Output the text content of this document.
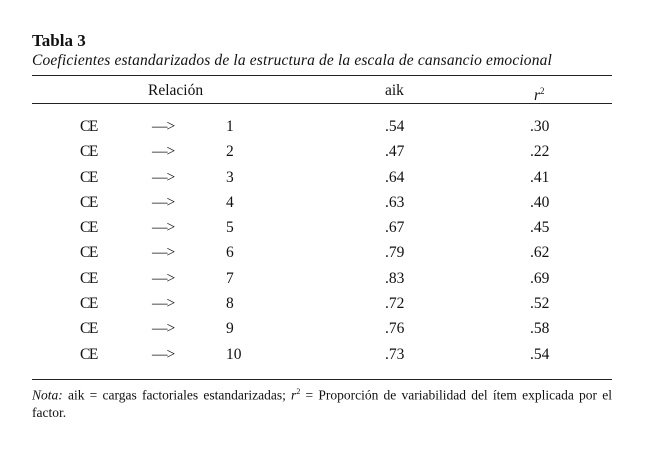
Tabla 3
Coeficientes estandarizados de la estructura de la escala de cansancio emocional
Relación	aik	$r^2$
CE	—>	1	.54	.30
CE	—>	2	.47	.22
CE	—>	3	.64	.41
CE	—>	4	.63	.40
CE	—>	5	.67	.45
CE	—>	6	.79	.62
CE	—>	7	.83	.69
CE	—>	8	.72	.52
CE	—>	9	.76	.58
CE	—>	10	.73	.54
Nota: aik = cargas factoriales estandarizadas; $r^2$ = Proporción de variabilidad del ítem explicada por el factor.
